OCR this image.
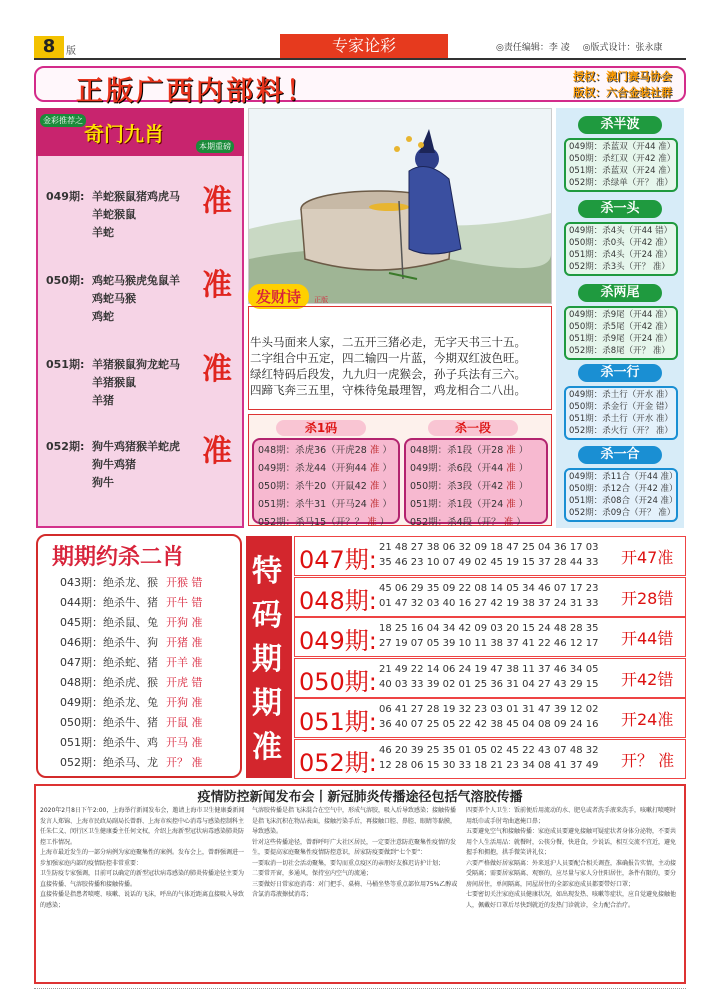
8	版	专家论彩	◎责任编辑：李 凌 ◎版式设计：张永康
正版广西内部料！	授权：澳门赛马协会
版权：六合金装社群
金彩推荐之
奇门九肖
本期重磅
049期: 羊蛇猴鼠猪鸡虎马
羊蛇猴鼠
羊蛇
准
050期: 鸡蛇马猴虎兔鼠羊
鸡蛇马猴
鸡蛇
准
051期: 羊猪猴鼠狗龙蛇马
羊猪猴鼠
羊猪
准
052期: 狗牛鸡猪猴羊蛇虎
狗牛鸡猪
狗牛
准
发财诗 正版
牛头马面来人家，二五开三猪必走，无字天书三十五。
二字组合中五定，四二输四一片蓝，今期双红波色旺。
绿红特码后段发，九九归一虎猴会，孙子兵法有三六。
四蹄飞奔三五里，守株待兔最理智，鸡龙相合二八出。
杀1码	杀一段
048期：杀虎36（开虎28 准 ）
049期：杀龙44（开狗44 准 ）
050期：杀牛20（开鼠42 准 ）
051期：杀牛31（开马24 准 ）
052期：杀马15（开？？ 准 ）
048期：杀1段（开28 准 ）
049期：杀6段（开44 准 ）
050期：杀3段（开42 准 ）
051期：杀1段（开24 准 ）
052期：杀4段（开？ 准 ）
杀半波
049期：杀蓝双（开44 准）
050期：杀红双（开42 准）
051期：杀蓝双（开24 准）
052期：杀绿单（开？ 准）
杀一头
049期：杀4头（开44 错）
050期：杀0头（开42 准）
051期：杀4头（开24 准）
052期：杀3头（开？ 准）
杀两尾
049期：杀9尾（开44 准）
050期：杀5尾（开42 准）
051期：杀9尾（开24 准）
052期：杀8尾（开？ 准）
杀一行
049期：杀土行（开水 准）
050期：杀金行（开金 错）
051期：杀土行（开水 准）
052期：杀火行（开？ 准）
杀一合
049期：杀11合（开44 准）
050期：杀12合（开42 准）
051期：杀08合（开24 准）
052期：杀09合（开？ 准）
期期约杀二肖
043期：绝杀龙、猴 开猴 错
044期：绝杀牛、猪 开牛 错
045期：绝杀鼠、兔 开狗 准
046期：绝杀牛、狗 开猪 准
047期：绝杀蛇、猪 开羊 准
048期：绝杀虎、猴 开虎 错
049期：绝杀龙、兔 开狗 准
050期：绝杀牛、猪 开鼠 准
051期：绝杀牛、鸡 开马 准
052期：绝杀马、龙 开？ 准
特
码
期
期
准
047期: 21 48 27 38 06 32 09 18 47 25 04 36 17 03
35 46 23 10 07 49 02 45 19 15 37 28 44 33 开47准
048期: 45 06 29 35 09 22 08 14 05 34 46 07 17 23
01 47 32 03 40 16 27 42 19 38 37 24 31 33 开28错
049期: 18 25 16 04 34 42 09 03 20 15 24 48 28 35
27 19 07 05 39 10 11 38 37 41 22 46 12 17 开44错
050期: 21 49 22 14 06 24 19 47 38 11 37 46 34 05
40 03 33 39 02 01 25 36 31 04 27 43 29 15 开42错
051期: 06 41 27 28 19 32 23 03 01 31 47 39 12 02
36 40 07 25 05 22 42 38 45 04 08 09 24 16 开24准
052期: 46 20 39 25 35 01 05 02 45 22 43 07 48 32
12 28 06 15 30 33 18 21 23 34 08 41 37 49 开？ 准
疫情防控新闻发布会丨新冠肺炎传播途径包括气溶胶传播
2020年2月8日下午2:00，上海举行新闻发布会，邀请上海市卫生健康委新闻发言人郑锦、上海市民政局副局长曾群、上海市疾控中心消毒与感染控制科主任朱仁义、闵行区卫生健康委主任何文权，介绍上海新型冠状病毒感染肺炎防控工作情况。
上海市最近发生的一部分病例为家庭聚集性的案例。发布会上，曾群强调进一步加强家庭内部的疫情防控非常重要：
卫生防疫专家强调，目前可以确定的新型冠状病毒感染的肺炎传播途径主要为直接传播、气溶胶传播和接触传播。
直接传播是指患者喷嚏、咳嗽、说话的飞沫，呼出的气体近距离直接吸入导致的感染；
气溶胶传播是指飞沫混合在空气中，形成气溶胶，吸入后导致感染；接触传播是指飞沫沉积在物品表面，接触污染手后，再接触口腔、鼻腔、眼睛等黏膜，导致感染。
针对这些传播途径，曾群呼吁广大社区居民，一定要注意防范聚集性疫情的发生，要提高家庭聚集性疫情防控意识，居家防疫要做到“七个要”：
一要取消一切社会活动聚集，要勾而重点疫区的亲朋好友推迟访护计划；
二要常开窗，多通风，保持室内空气的流通；
三要做好日常家庭消毒：对门把手、桌椅、马桶坐垫等重点部位用75%乙醇或含氯消毒液擦拭消毒；
四要养个人卫生：饭前便后用流动的水、肥皂或者洗手液来洗手，咳嗽打喷嚏时用纸巾或手肘弯曲遮掩口鼻；
五要避免空气和接触传播：家庭成员要避免接触可疑症状者身体分泌物，不要共用个人生活用品：就餐时，公筷分餐，快进食，少说话，相互交流不宜近，避免握手和拥抱，拱手微笑讲礼仪；
六要严格做好居家隔离：外来返沪人员要配合相关调查，准确报告实情，主动接受隔离；需要居家隔离、观察的，应尽量与家人分住阳居住，条件有限的，要分房间居住，单间隔离，同屋居住的全部家庭成员都要带好口罩；
七要密切关注家庭成员健康状况，如出现发热、咳嗽等症状，应自觉避免接触他人，佩戴好口罩后尽快到就近的发热门诊就诊，全力配合治疗。
